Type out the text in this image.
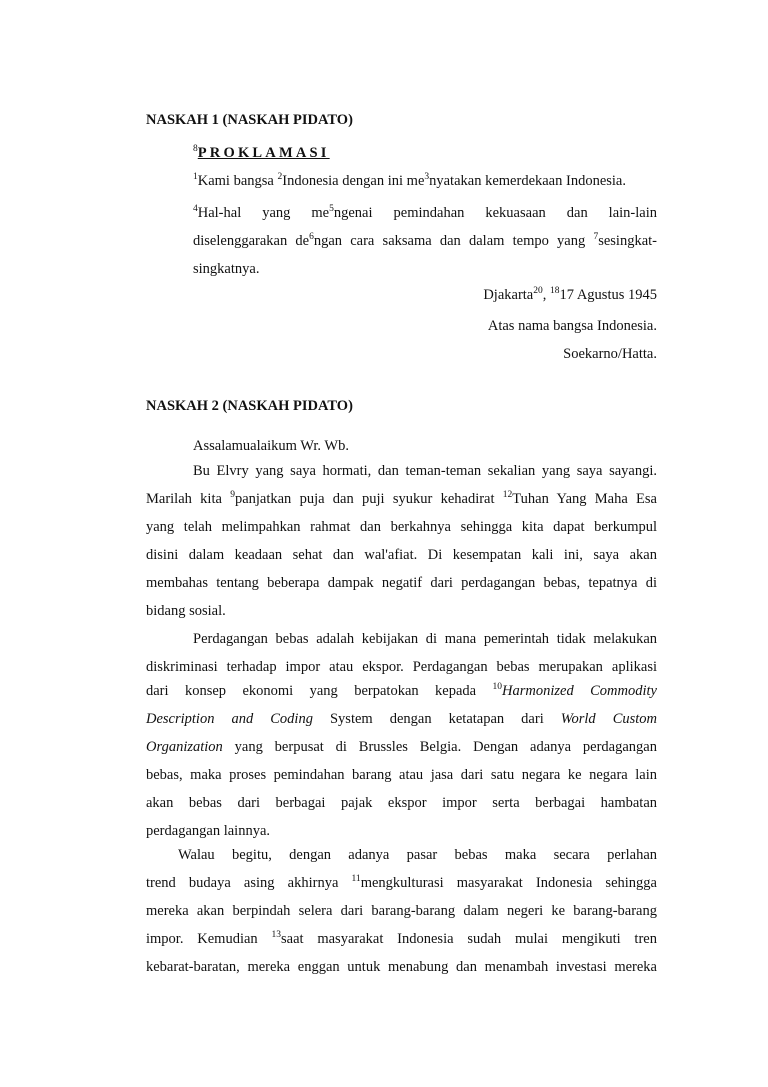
NASKAH 1 (NASKAH PIDATO)
$^8$PROKLAMASI
$^1$Kami bangsa $^2$Indonesia dengan ini $me^3nyatakan$ kemerdekaan Indonesia.
$^4$Hal-hal yang $me^5ngenai$ pemindahan kekuasaan dan lain-lain
diselenggarakan $de^6ngan$ cara saksama dan dalam tempo yang $^7$sesingkat-
singkatnya.
Djakarta$^{20}$, $^{18}$17 Agustus 1945
Atas nama bangsa Indonesia.
Soekarno/Hatta.
NASKAH 2 (NASKAH PIDATO)
Assalamualaikum Wr. Wb.
Bu Elvry yang saya hormati, dan teman-teman sekalian yang saya sayangi.
Marilah kita $^9$panjatkan puja dan puji syukur kehadirat $^{12}$Tuhan Yang Maha Esa
yang telah melimpahkan rahmat dan berkahnya sehingga kita dapat berkumpul
disini dalam keadaan sehat dan wal'afiat. Di kesempatan kali ini, saya akan
membahas tentang beberapa dampak negatif dari perdagangan bebas, tepatnya di
bidang sosial.
Perdagangan bebas adalah kebijakan di mana pemerintah tidak melakukan
diskriminasi terhadap impor atau ekspor. Perdagangan bebas merupakan aplikasi
dari konsep ekonomi yang berpatokan kepada $^{10}$Harmonized Commodity
Description and Coding System dengan ketatapan dari World Custom
Organization yang berpusat di Brussles Belgia. Dengan adanya perdagangan
bebas, maka proses pemindahan barang atau jasa dari satu negara ke negara lain
akan bebas dari berbagai pajak ekspor impor serta berbagai hambatan
perdagangan lainnya.
Walau begitu, dengan adanya pasar bebas maka secara perlahan
trend budaya asing akhirnya $^{11}$mengkulturasi masyarakat Indonesia sehingga
mereka akan berpindah selera dari barang-barang dalam negeri ke barang-barang
impor. Kemudian $^{13}$saat masyarakat Indonesia sudah mulai mengikuti tren
kebarat-baratan, mereka enggan untuk menabung dan menambah investasi mereka
